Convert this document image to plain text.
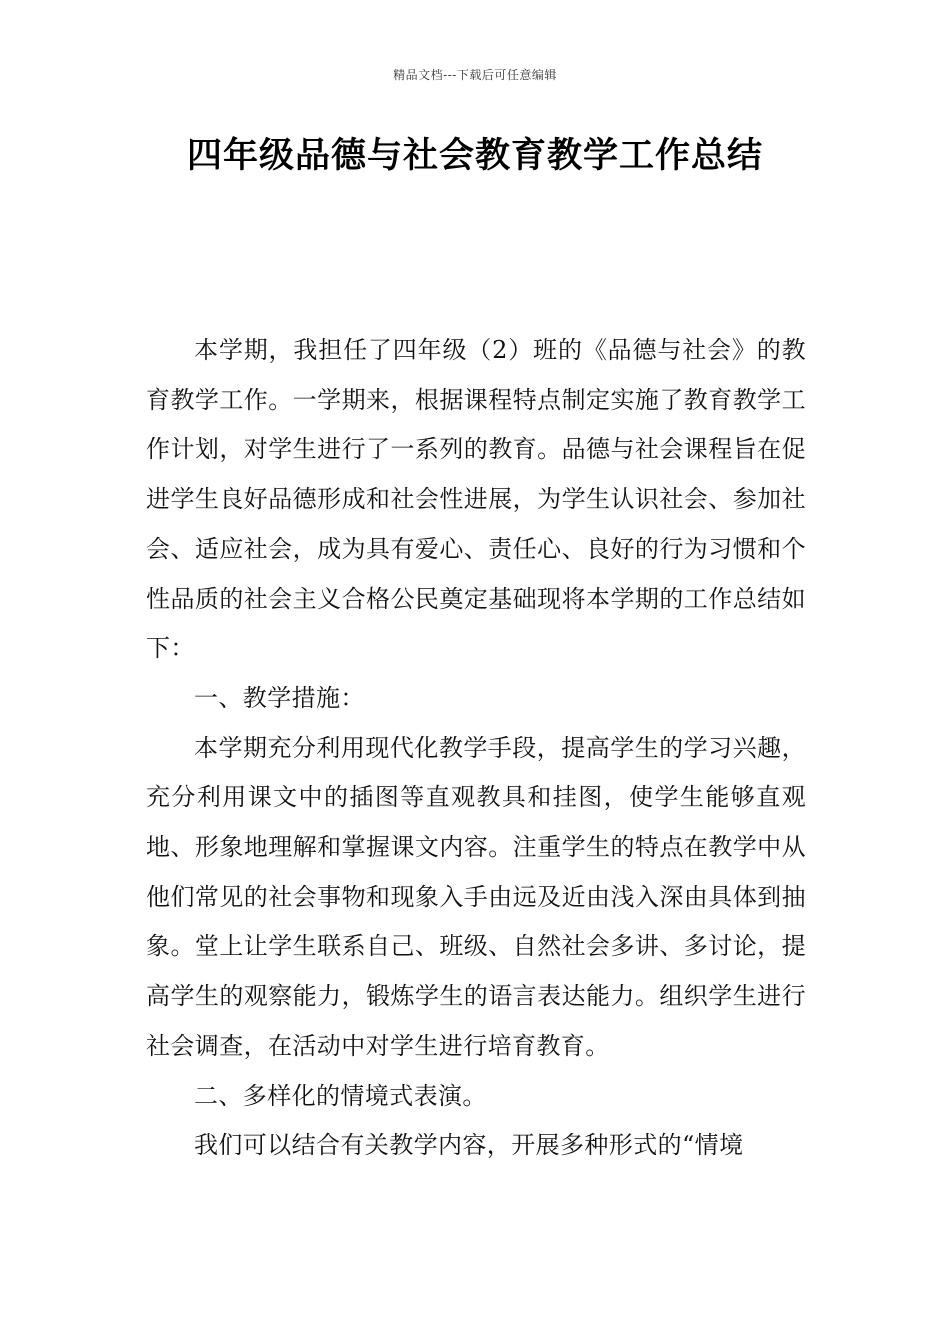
精品文档---下载后可任意编辑
四年级品德与社会教育教学工作总结

本学期，我担任了四年级（2）班的《品德与社会》的教育教学工作。一学期来，根据课程特点制定实施了教育教学工作计划，对学生进行了一系列的教育。品德与社会课程旨在促进学生良好品德形成和社会性进展，为学生认识社会、参加社会、适应社会，成为具有爱心、责任心、良好的行为习惯和个性品质的社会主义合格公民奠定基础现将本学期的工作总结如下：

一、教学措施：

本学期充分利用现代化教学手段，提高学生的学习兴趣，充分利用课文中的插图等直观教具和挂图，使学生能够直观地、形象地理解和掌握课文内容。注重学生的特点在教学中从他们常见的社会事物和现象入手由远及近由浅入深由具体到抽象。堂上让学生联系自己、班级、自然社会多讲、多讨论，提高学生的观察能力，锻炼学生的语言表达能力。组织学生进行社会调查，在活动中对学生进行培育教育。

二、多样化的情境式表演。

我们可以结合有关教学内容，开展多种形式的“情境
